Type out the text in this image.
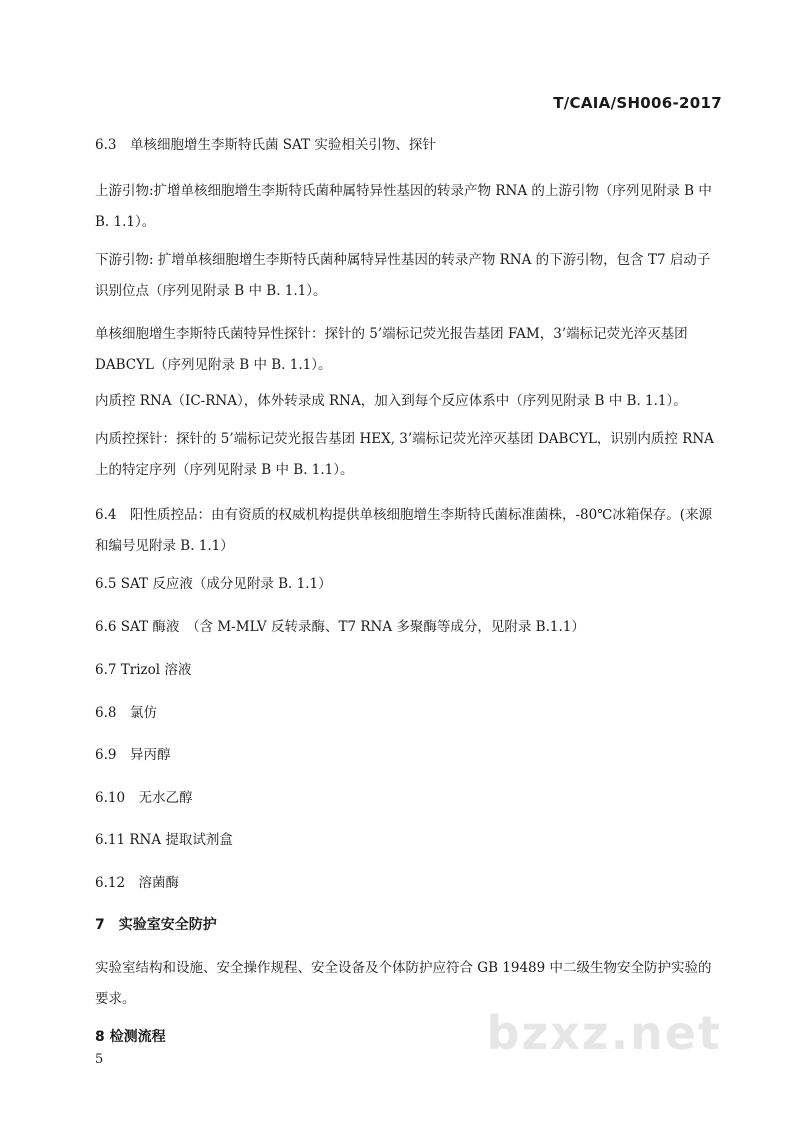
T/CAIA/SH006-2017
6.3　单核细胞增生李斯特氏菌 SAT 实验相关引物、探针
上游引物:扩增单核细胞增生李斯特氏菌种属特异性基因的转录产物 RNA 的上游引物（序列见附录 B 中 B. 1.1）。
下游引物: 扩增单核细胞增生李斯特氏菌种属特异性基因的转录产物 RNA 的下游引物，包含 T7 启动子识别位点（序列见附录 B 中 B. 1.1）。
单核细胞增生李斯特氏菌特异性探针：探针的 5’端标记荧光报告基团 FAM，3’端标记荧光淬灭基团 DABCYL（序列见附录 B 中 B. 1.1）。
内质控 RNA（IC-RNA），体外转录成 RNA，加入到每个反应体系中（序列见附录 B 中 B. 1.1）。
内质控探针：探针的 5’端标记荧光报告基团 HEX, 3’端标记荧光淬灭基团 DABCYL，识别内质控 RNA 上的特定序列（序列见附录 B 中 B. 1.1）。
6.4　阳性质控品：由有资质的权威机构提供单核细胞增生李斯特氏菌标准菌株，-80℃冰箱保存。(来源和编号见附录 B. 1.1）
6.5 SAT 反应液（成分见附录 B. 1.1）
6.6 SAT 酶液　（含 M-MLV 反转录酶、T7 RNA 多聚酶等成分，见附录 B.1.1）
6.7 Trizol 溶液
6.8　氯仿
6.9　异丙醇
6.10　无水乙醇
6.11 RNA 提取试剂盒
6.12　溶菌酶
7　实验室安全防护
实验室结构和设施、安全操作规程、安全设备及个体防护应符合 GB 19489 中二级生物安全防护实验的要求。
8 检测流程
5	bzxz.net
